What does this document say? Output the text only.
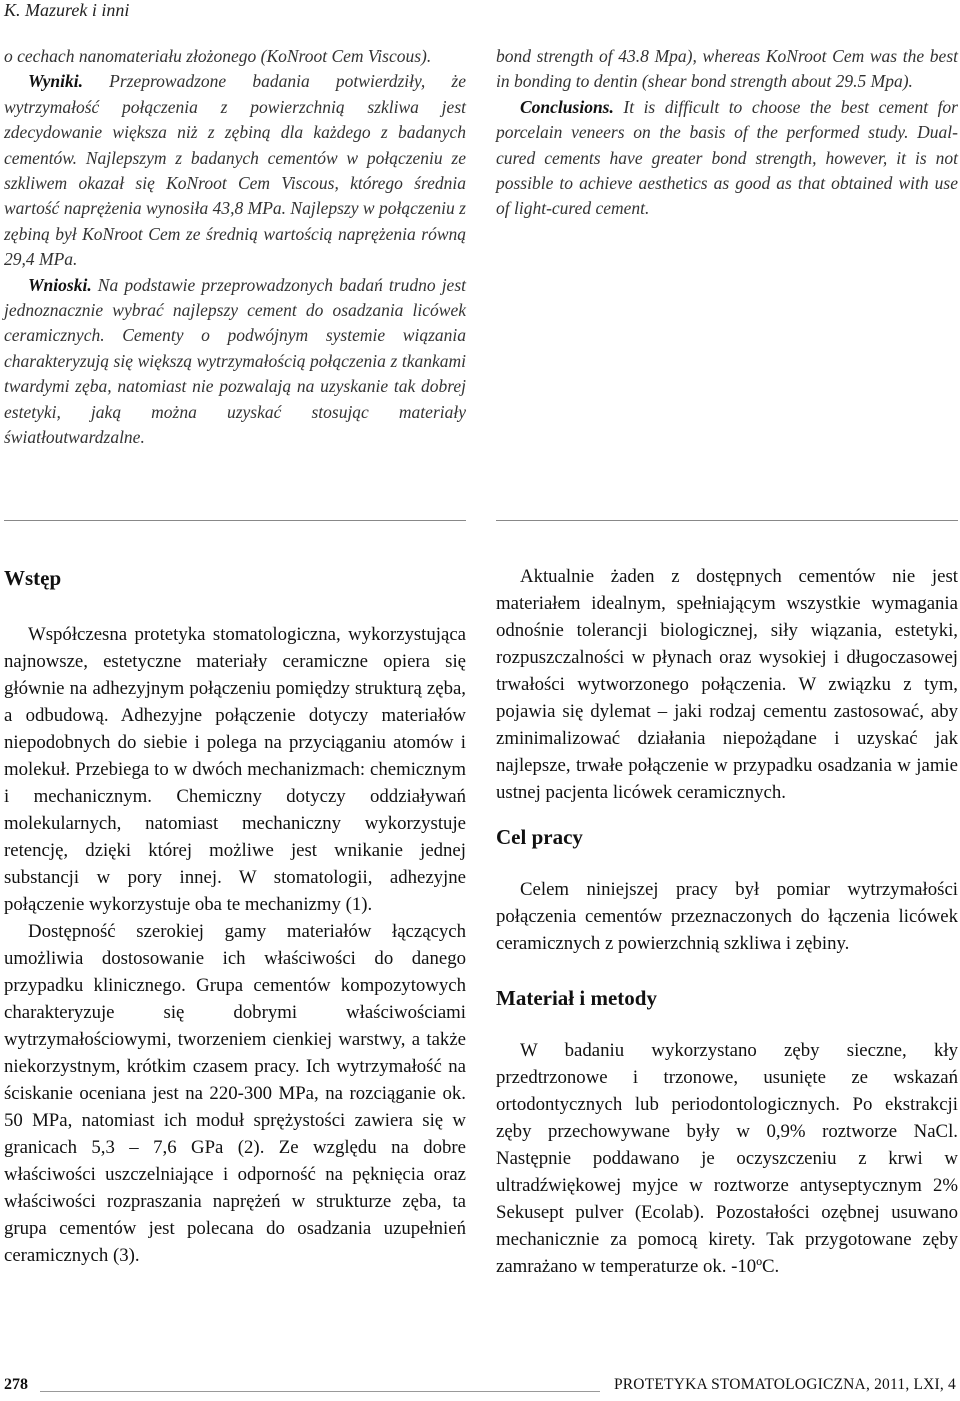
K. Mazurek i inni

o cechach nanomateriału złożonego (KoNroot Cem Viscous).

Wyniki. Przeprowadzone badania potwierdziły, że wytrzymałość połączenia z powierzchnią szkliwa jest zdecydowanie większa niż z zębiną dla każdego z badanych cementów. Najlepszym z badanych cementów w połączeniu ze szkliwem okazał się KoNroot Cem Viscous, którego średnia wartość naprężenia wynosiła 43,8 MPa. Najlepszy w połączeniu z zębiną był KoNroot Cem ze średnią wartością naprężenia równą 29,4 MPa.

Wnioski. Na podstawie przeprowadzonych badań trudno jest jednoznacznie wybrać najlepszy cement do osadzania licówek ceramicznych. Cementy o podwójnym systemie wiązania charakteryzują się większą wytrzymałością połączenia z tkankami twardymi zęba, natomiast nie pozwalają na uzyskanie tak dobrej estetyki, jaką można uzyskać stosując materiały światłoutwardzalne.

bond strength of 43.8 Mpa), whereas KoNroot Cem was the best in bonding to dentin (shear bond strength about 29.5 Mpa).

Conclusions. It is difficult to choose the best cement for porcelain veneers on the basis of the performed study. Dual-cured cements have greater bond strength, however, it is not possible to achieve aesthetics as good as that obtained with use of light-cured cement.

Wstęp

Współczesna protetyka stomatologiczna, wykorzystująca najnowsze, estetyczne materiały ceramiczne opiera się głównie na adhezyjnym połączeniu pomiędzy strukturą zęba, a odbudową. Adhezyjne połączenie dotyczy materiałów niepodobnych do siebie i polega na przyciąganiu atomów i molekuł. Przebiega to w dwóch mechanizmach: chemicznym i mechanicznym. Chemiczny dotyczy oddziaływań molekularnych, natomiast mechaniczny wykorzystuje retencję, dzięki której możliwe jest wnikanie jednej substancji w pory innej. W stomatologii, adhezyjne połączenie wykorzystuje oba te mechanizmy (1).

Dostępność szerokiej gamy materiałów łączących umożliwia dostosowanie ich właściwości do danego przypadku klinicznego. Grupa cementów kompozytowych charakteryzuje się dobrymi właściwościami wytrzymałościowymi, tworzeniem cienkiej warstwy, a także niekorzystnym, krótkim czasem pracy. Ich wytrzymałość na ściskanie oceniana jest na 220-300 MPa, na rozciąganie ok. 50 MPa, natomiast ich moduł sprężystości zawiera się w granicach 5,3 – 7,6 GPa (2). Ze względu na dobre właściwości uszczelniające i odporność na pęknięcia oraz właściwości rozpraszania naprężeń w strukturze zęba, ta grupa cementów jest polecana do osadzania uzupełnień ceramicznych (3).

Aktualnie żaden z dostępnych cementów nie jest materiałem idealnym, spełniającym wszystkie wymagania odnośnie tolerancji biologicznej, siły wiązania, estetyki, rozpuszczalności w płynach oraz wysokiej i długoczasowej trwałości wytworzonego połączenia. W związku z tym, pojawia się dylemat – jaki rodzaj cementu zastosować, aby zminimalizować działania niepożądane i uzyskać jak najlepsze, trwałe połączenie w przypadku osadzania w jamie ustnej pacjenta licówek ceramicznych.

Cel pracy

Celem niniejszej pracy był pomiar wytrzymałości połączenia cementów przeznaczonych do łączenia licówek ceramicznych z powierzchnią szkliwa i zębiny.

Materiał i metody

W badaniu wykorzystano zęby sieczne, kły przedtrzonowe i trzonowe, usunięte ze wskazań ortodontycznych lub periodontologicznych. Po ekstrakcji zęby przechowywane były w 0,9% roztworze NaCl. Następnie poddawano je oczyszczeniu z krwi w ultradźwiękowej myjce w roztworze antyseptycznym 2% Sekusept pulver (Ecolab). Pozostałości ozębnej usuwano mechanicznie za pomocą kirety. Tak przygotowane zęby zamrażano w temperaturze ok. -10ºC.

278	PROTETYKA STOMATOLOGICZNA, 2011, LXI, 4
